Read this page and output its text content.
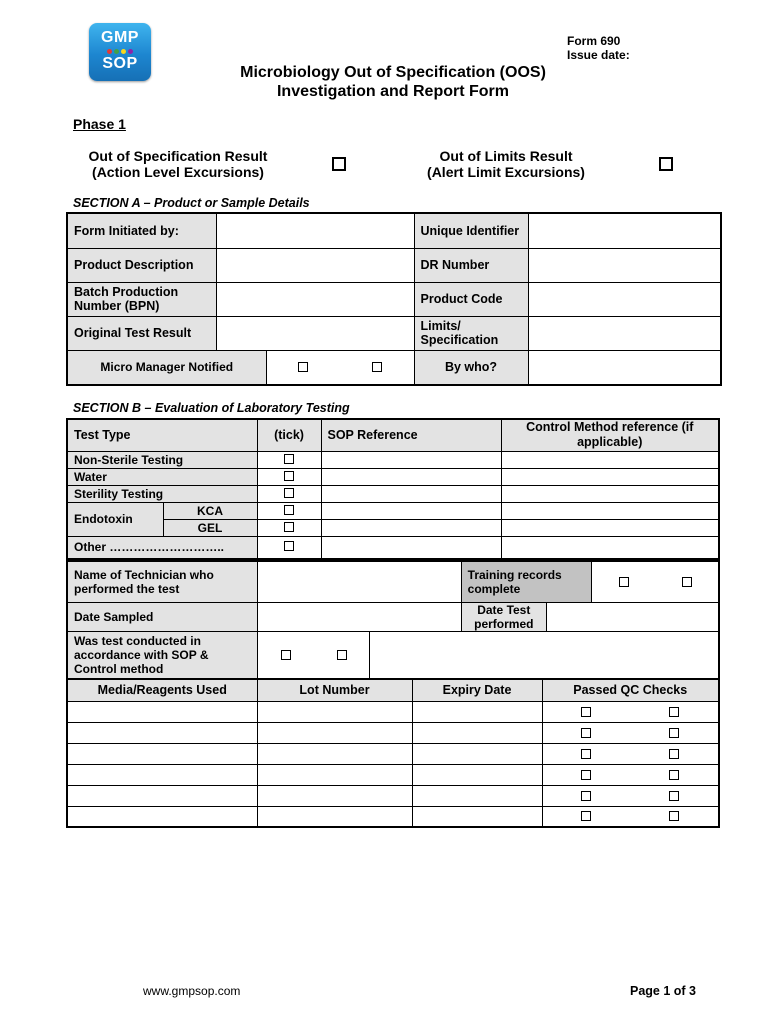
GMP
SOP
Form 690
Issue date:
Microbiology Out of Specification (OOS)
Investigation and Report Form
Phase 1
Out of Specification Result
(Action Level Excursions)
Out of Limits Result
(Alert Limit Excursions)
SECTION A – Product or Sample Details
Form Initiated by:			Unique Identifier	
Product Description			DR Number	
Batch Production Number (BPN)			Product Code	
Original Test Result			Limits/ Specification	
Micro Manager Notified			By who?	
SECTION B – Evaluation of Laboratory Testing
Test Type		(tick)	SOP Reference	Control Method reference (if applicable)
Non-Sterile Testing				
Water				
Sterility Testing				
Endotoxin	KCA			
	GEL			
Other ………………………..				
Name of Technician who performed the test			Training records complete		

Date Sampled			Date Test performed		
Was test conducted in accordance with SOP & Control method				

Media/Reagents Used	Lot Number	Expiry Date	Passed QC Checks

www.gmpsop.com	Page 1 of 3
